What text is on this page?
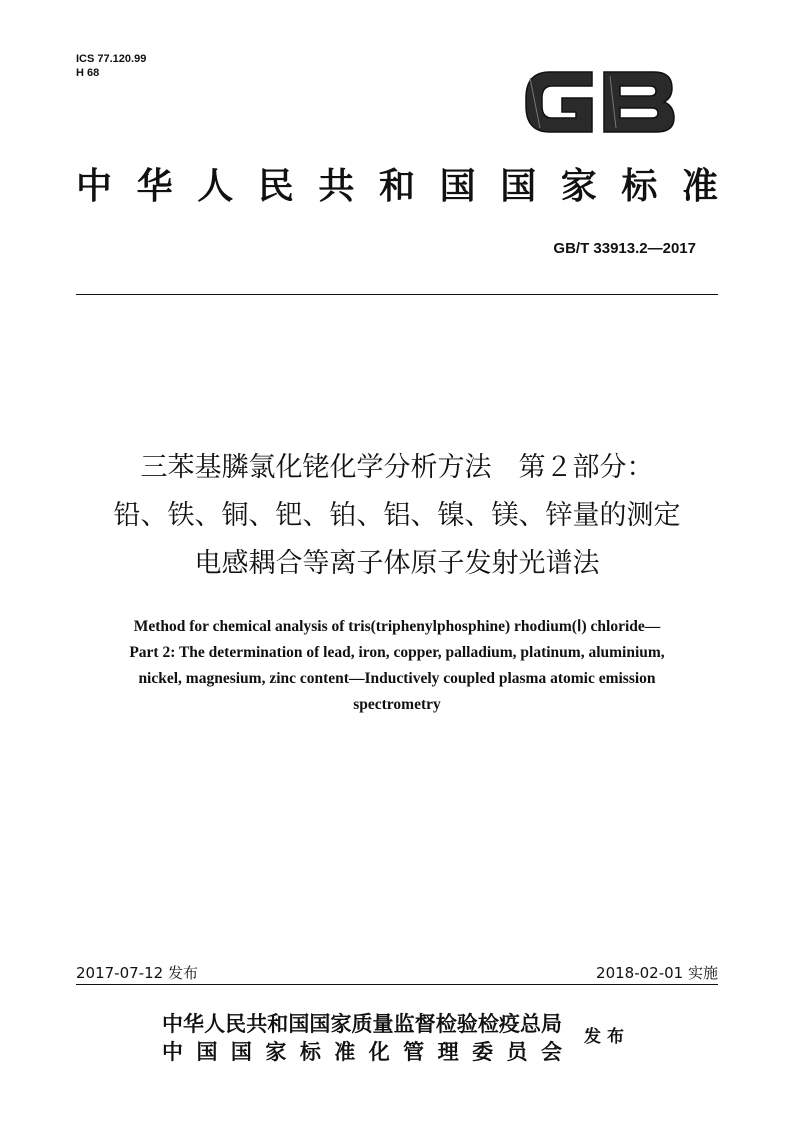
ICS 77.120.99
H 68
中华人民共和国国家标准
GB/T 33913.2—2017
三苯基膦氯化铑化学分析方法　第２部分：
铅、铁、铜、钯、铂、铝、镍、镁、锌量的测定
电感耦合等离子体原子发射光谱法
Method for chemical analysis of tris(triphenylphosphine) rhodium(Ⅰ) chloride—
Part 2: The determination of lead, iron, copper, palladium, platinum, aluminium,
nickel, magnesium, zinc content—Inductively coupled plasma atomic emission
spectrometry
2017-07-12 发布	2018-02-01 实施
中华人民共和国国家质量监督检验检疫总局
中国国家标准化管理委员会
发布
